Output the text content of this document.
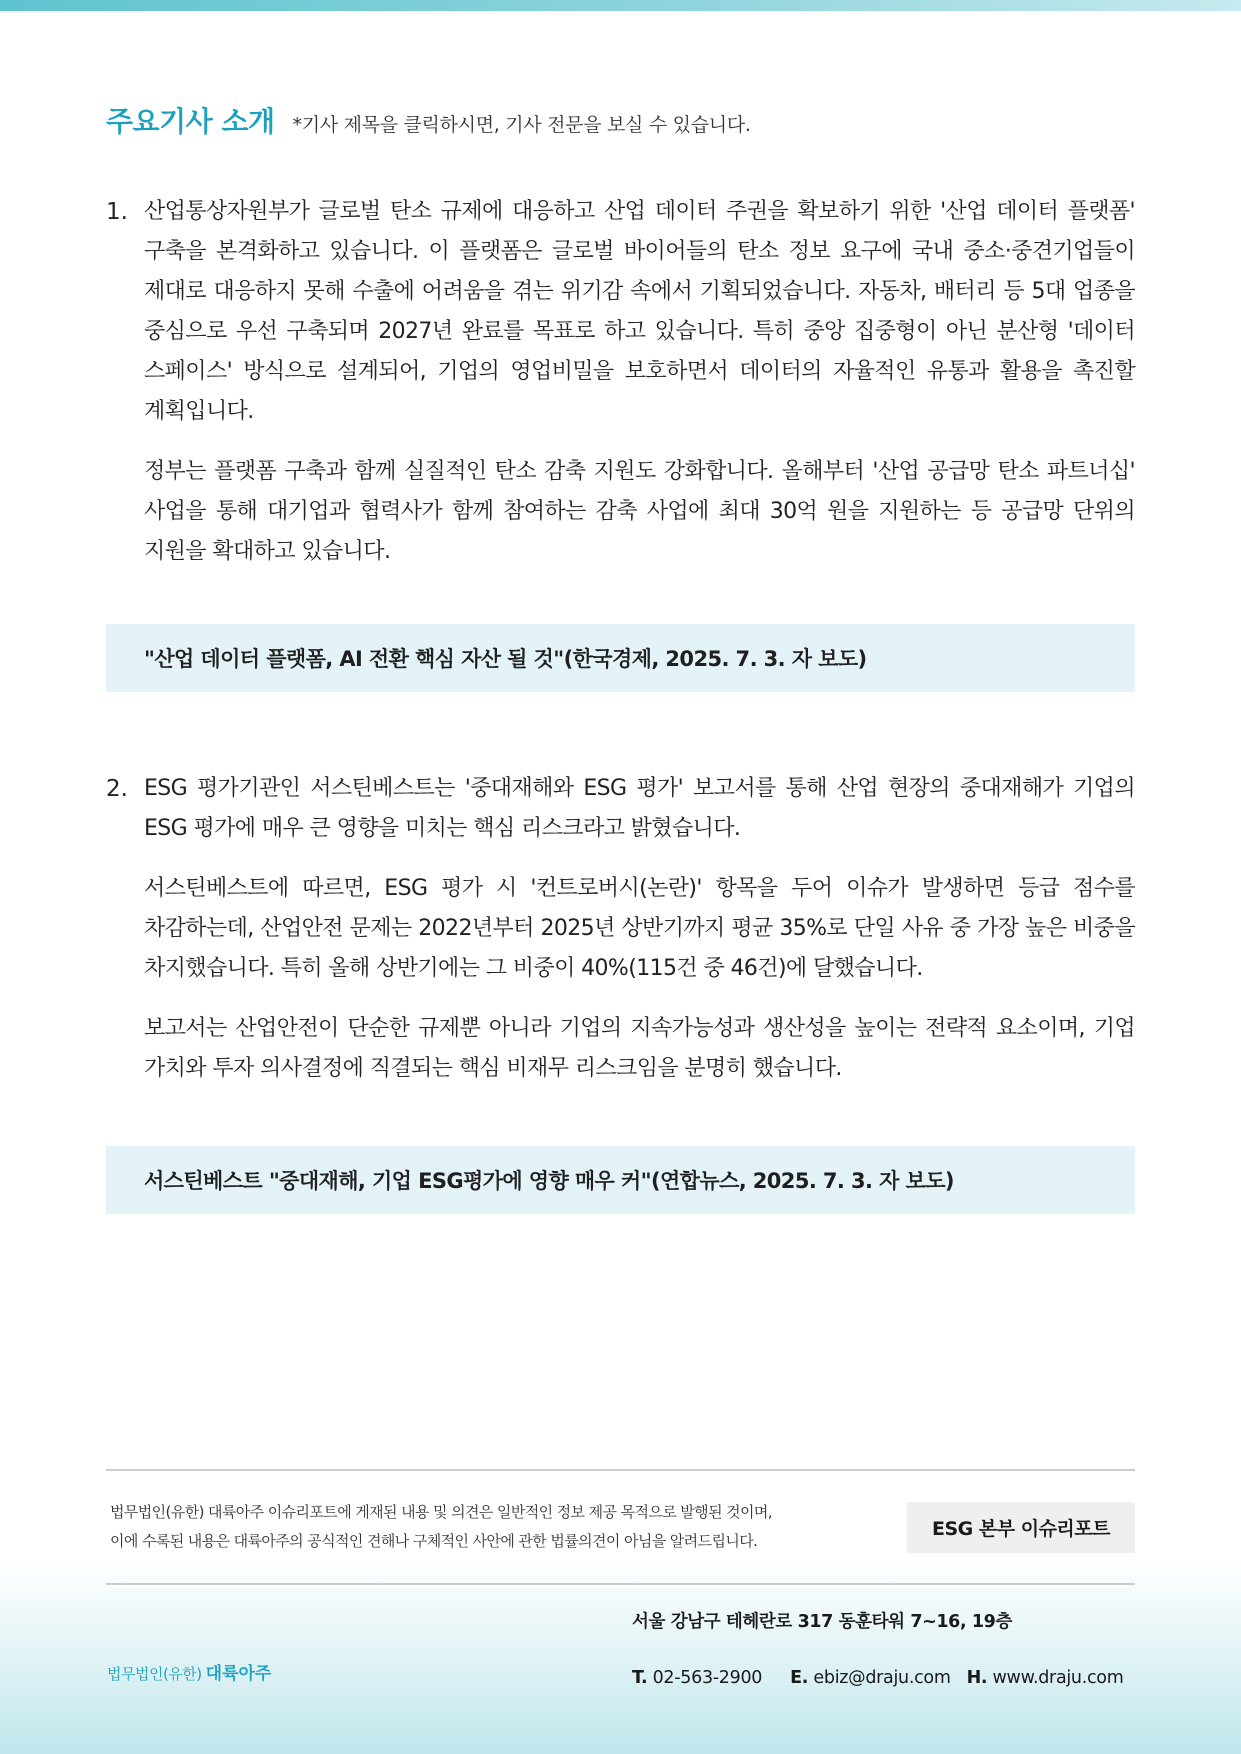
주요기사 소개 *기사 제목을 클릭하시면, 기사 전문을 보실 수 있습니다.
1. 산업통상자원부가 글로벌 탄소 규제에 대응하고 산업 데이터 주권을 확보하기 위한 '산업 데이터 플랫폼' 구축을 본격화하고 있습니다. 이 플랫폼은 글로벌 바이어들의 탄소 정보 요구에 국내 중소·중견기업들이 제대로 대응하지 못해 수출에 어려움을 겪는 위기감 속에서 기획되었습니다. 자동차, 배터리 등 5대 업종을 중심으로 우선 구축되며 2027년 완료를 목표로 하고 있습니다. 특히 중앙 집중형이 아닌 분산형 '데이터 스페이스' 방식으로 설계되어, 기업의 영업비밀을 보호하면서 데이터의 자율적인 유통과 활용을 촉진할 계획입니다.

정부는 플랫폼 구축과 함께 실질적인 탄소 감축 지원도 강화합니다. 올해부터 '산업 공급망 탄소 파트너십' 사업을 통해 대기업과 협력사가 함께 참여하는 감축 사업에 최대 30억 원을 지원하는 등 공급망 단위의 지원을 확대하고 있습니다.

"산업 데이터 플랫폼, AI 전환 핵심 자산 될 것"(한국경제, 2025. 7. 3. 자 보도)
2. ESG 평가기관인 서스틴베스트는 '중대재해와 ESG 평가' 보고서를 통해 산업 현장의 중대재해가 기업의 ESG 평가에 매우 큰 영향을 미치는 핵심 리스크라고 밝혔습니다.

서스틴베스트에 따르면, ESG 평가 시 '컨트로버시(논란)' 항목을 두어 이슈가 발생하면 등급 점수를 차감하는데, 산업안전 문제는 2022년부터 2025년 상반기까지 평균 35%로 단일 사유 중 가장 높은 비중을 차지했습니다. 특히 올해 상반기에는 그 비중이 40%(115건 중 46건)에 달했습니다.

보고서는 산업안전이 단순한 규제뿐 아니라 기업의 지속가능성과 생산성을 높이는 전략적 요소이며, 기업 가치와 투자 의사결정에 직결되는 핵심 비재무 리스크임을 분명히 했습니다.

서스틴베스트 "중대재해, 기업 ESG평가에 영향 매우 커"(연합뉴스, 2025. 7. 3. 자 보도)
법무법인(유한) 대륙아주 이슈리포트에 게재된 내용 및 의견은 일반적인 정보 제공 목적으로 발행된 것이며,
이에 수록된 내용은 대륙아주의 공식적인 견해나 구체적인 사안에 관한 법률의견이 아님을 알려드립니다.
ESG 본부 이슈리포트
법무법인(유한) 대륙아주
서울 강남구 테헤란로 317 동훈타워 7~16, 19층
T. 02-563-2900 E. ebiz@draju.com H. www.draju.com
